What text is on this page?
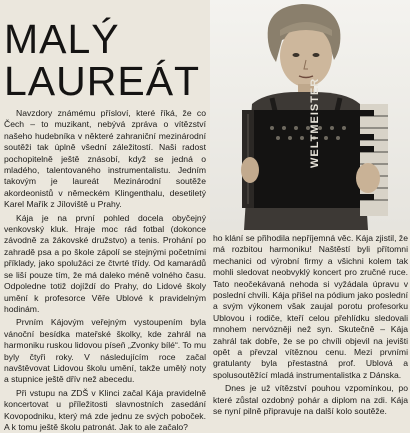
MALÝ
LAUREÁT	WELTMEISTER

Navzdory známému přísloví, které říká, že co Čech – to muzikant, nebývá zpráva o vítězství našeho hudebníka v některé zahraniční mezinárodní soutěži tak úplně všední záležitostí. Naši radost pochopitelně ještě znásobí, když se jedná o mladého, talentovaného instrumentalistu. Jedním takovým je laureát Mezinárodní soutěže akordeonistů v německém Klingenthalu, desetiletý Karel Mařík z Jíloviště u Prahy.

Kája je na první pohled docela obyčejný venkovský kluk. Hraje moc rád fotbal (dokonce závodně za žákovské družstvo) a tenis. Prohání po zahradě psa a po škole zápolí se stejnými početními příklady, jako spolužáci ze čtvrté třídy. Od kamarádů se liší pouze tím, že má daleko méně volného času. Odpoledne totiž dojíždí do Prahy, do Lidové školy umění k profesorce Věře Ublové k pravidelným hodinám.

Prvním Kájovým veřejným vystoupením byla vánoční besídka mateřské školky, kde zahrál na harmoniku ruskou lidovou píseň „Zvonky bílé“. To mu byly čtyři roky. V následujícím roce začal navštěvovat Lidovou školu umění, takže umělý noty a stupnice ještě dřív než abecedu.

Při vstupu na ZDŠ v Klinci začal Kája pravidelně koncertovat u příležitosti slavnostních zasedání Kovopodniku, který má zde jednu ze svých poboček. A k tomu ještě školu patronát. Jak to ale začalo?

ho klání se přihodila nepříjemná věc. Kája zjistil, že má rozbitou harmoniku! Naštěstí byli přítomni mechanici od výrobní firmy a všichni kolem tak mohli sledovat neobvyklý koncert pro zručné ruce. Tato neočekávaná nehoda si vyžádala úpravu v poslední chvíli. Kája přišel na pódium jako poslední a svým výkonem však zaujal porotu profesorku Ublovou i rodiče, kteří celou přehlídku sledovali mnohem nervózněji než syn. Skutečně – Kája zahrál tak dobře, že se po chvíli objevil na jevišti opět a převzal vítěznou cenu. Mezi prvními gratulanty byla přestastná prof. Ublová a spolusoutěžící mladá instrumentalistka z Dánska.

Dnes je už vítězství pouhou vzpomínkou, po které zůstal ozdobný pohár a diplom na zdi. Kája se nyní pilně připravuje na další kolo soutěže.
